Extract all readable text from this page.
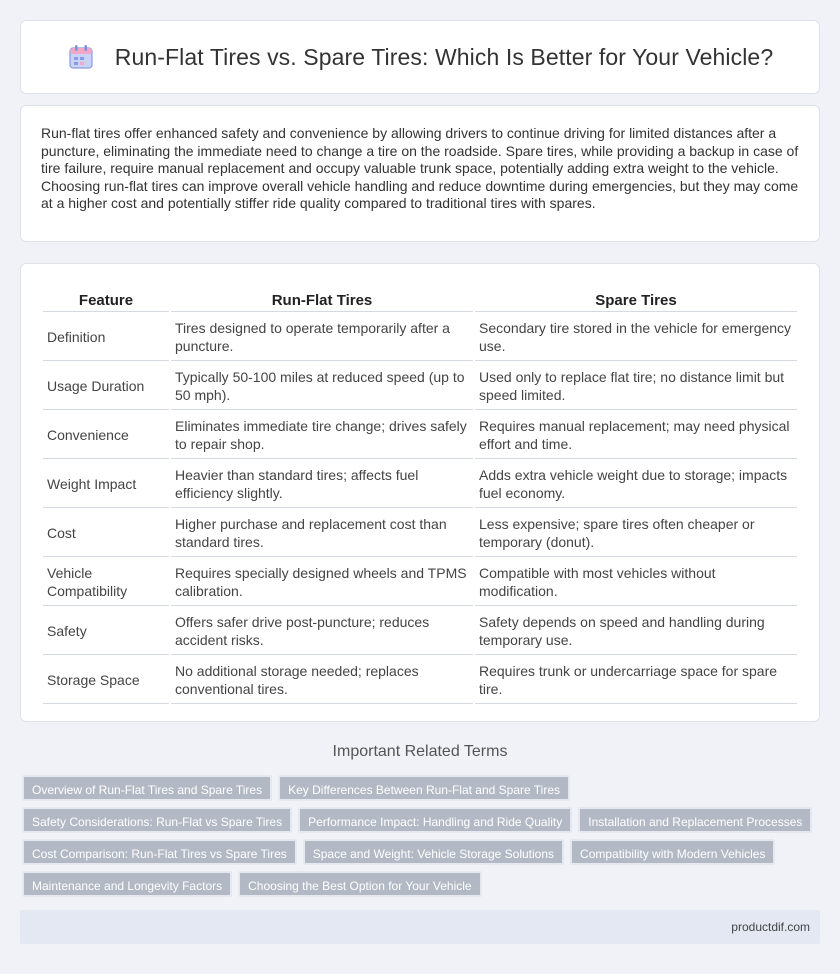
Run-Flat Tires vs. Spare Tires: Which Is Better for Your Vehicle?

Run-flat tires offer enhanced safety and convenience by allowing drivers to continue driving for limited distances after a puncture, eliminating the immediate need to change a tire on the roadside. Spare tires, while providing a backup in case of tire failure, require manual replacement and occupy valuable trunk space, potentially adding extra weight to the vehicle. Choosing run-flat tires can improve overall vehicle handling and reduce downtime during emergencies, but they may come at a higher cost and potentially stiffer ride quality compared to traditional tires with spares.

Feature	Run-Flat Tires	Spare Tires
Definition	Tires designed to operate temporarily after a puncture.	Secondary tire stored in the vehicle for emergency use.
Usage Duration	Typically 50-100 miles at reduced speed (up to 50 mph).	Used only to replace flat tire; no distance limit but speed limited.
Convenience	Eliminates immediate tire change; drives safely to repair shop.	Requires manual replacement; may need physical effort and time.
Weight Impact	Heavier than standard tires; affects fuel efficiency slightly.	Adds extra vehicle weight due to storage; impacts fuel economy.
Cost	Higher purchase and replacement cost than standard tires.	Less expensive; spare tires often cheaper or temporary (donut).
Vehicle Compatibility	Requires specially designed wheels and TPMS calibration.	Compatible with most vehicles without modification.
Safety	Offers safer drive post-puncture; reduces accident risks.	Safety depends on speed and handling during temporary use.
Storage Space	No additional storage needed; replaces conventional tires.	Requires trunk or undercarriage space for spare tire.
Important Related Terms
Overview of Run-Flat Tires and Spare Tires	Key Differences Between Run-Flat and Spare Tires
Safety Considerations: Run-Flat vs Spare Tires	Performance Impact: Handling and Ride Quality	Installation and Replacement Processes
Cost Comparison: Run-Flat Tires vs Spare Tires	Space and Weight: Vehicle Storage Solutions	Compatibility with Modern Vehicles
Maintenance and Longevity Factors	Choosing the Best Option for Your Vehicle
productdif.com
